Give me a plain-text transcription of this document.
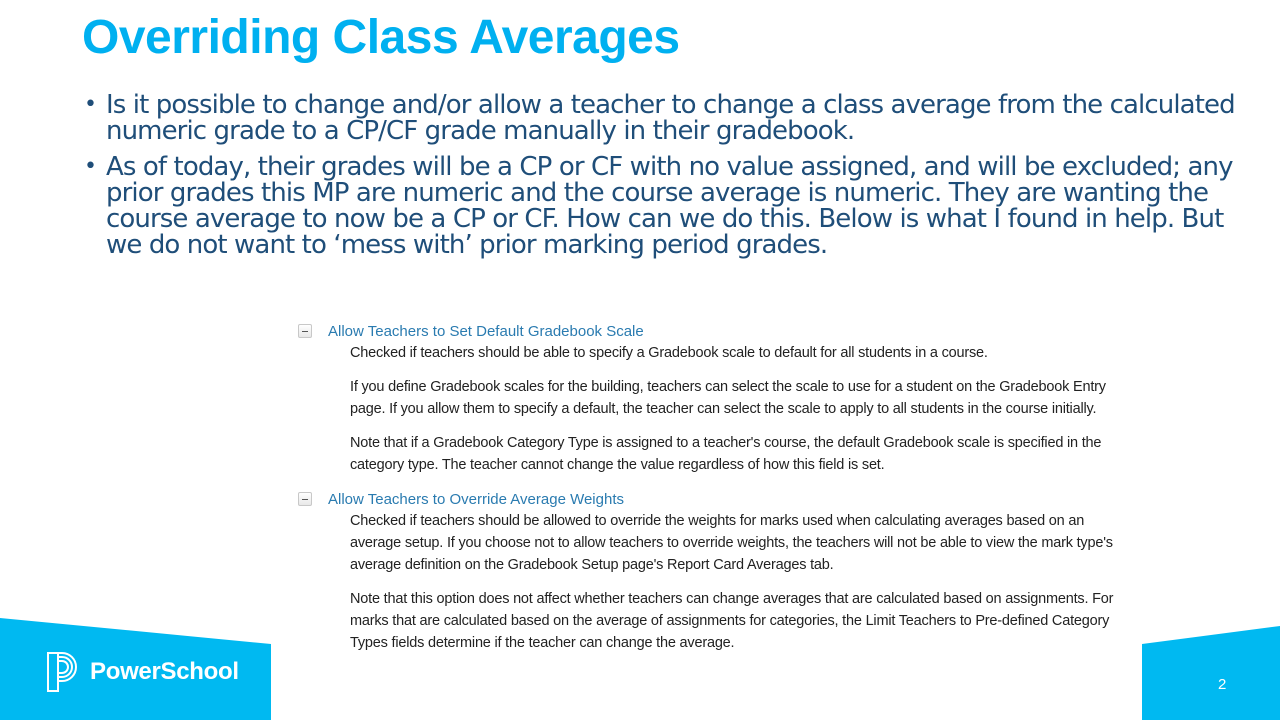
Overriding Class Averages
• Is it possible to change and/or allow a teacher to change a class average from the calculated numeric grade to a CP/CF grade manually in their gradebook.
• As of today, their grades will be a CP or CF with no value assigned, and will be excluded; any prior grades this MP are numeric and the course average is numeric. They are wanting the course average to now be a CP or CF. How can we do this. Below is what I found in help. But we do not want to ‘mess with’ prior marking period grades.
Allow Teachers to Set Default Gradebook Scale

Checked if teachers should be able to specify a Gradebook scale to default for all students in a course.

If you define Gradebook scales for the building, teachers can select the scale to use for a student on the Gradebook Entry page. If you allow them to specify a default, the teacher can select the scale to apply to all students in the course initially.

Note that if a Gradebook Category Type is assigned to a teacher's course, the default Gradebook scale is specified in the category type. The teacher cannot change the value regardless of how this field is set.

Allow Teachers to Override Average Weights

Checked if teachers should be allowed to override the weights for marks used when calculating averages based on an average setup. If you choose not to allow teachers to override weights, the teachers will not be able to view the mark type's average definition on the Gradebook Setup page's Report Card Averages tab.

Note that this option does not affect whether teachers can change averages that are calculated based on assignments. For marks that are calculated based on the average of assignments for categories, the Limit Teachers to Pre-defined Category Types fields determine if the teacher can change the average.

PowerSchool	2
